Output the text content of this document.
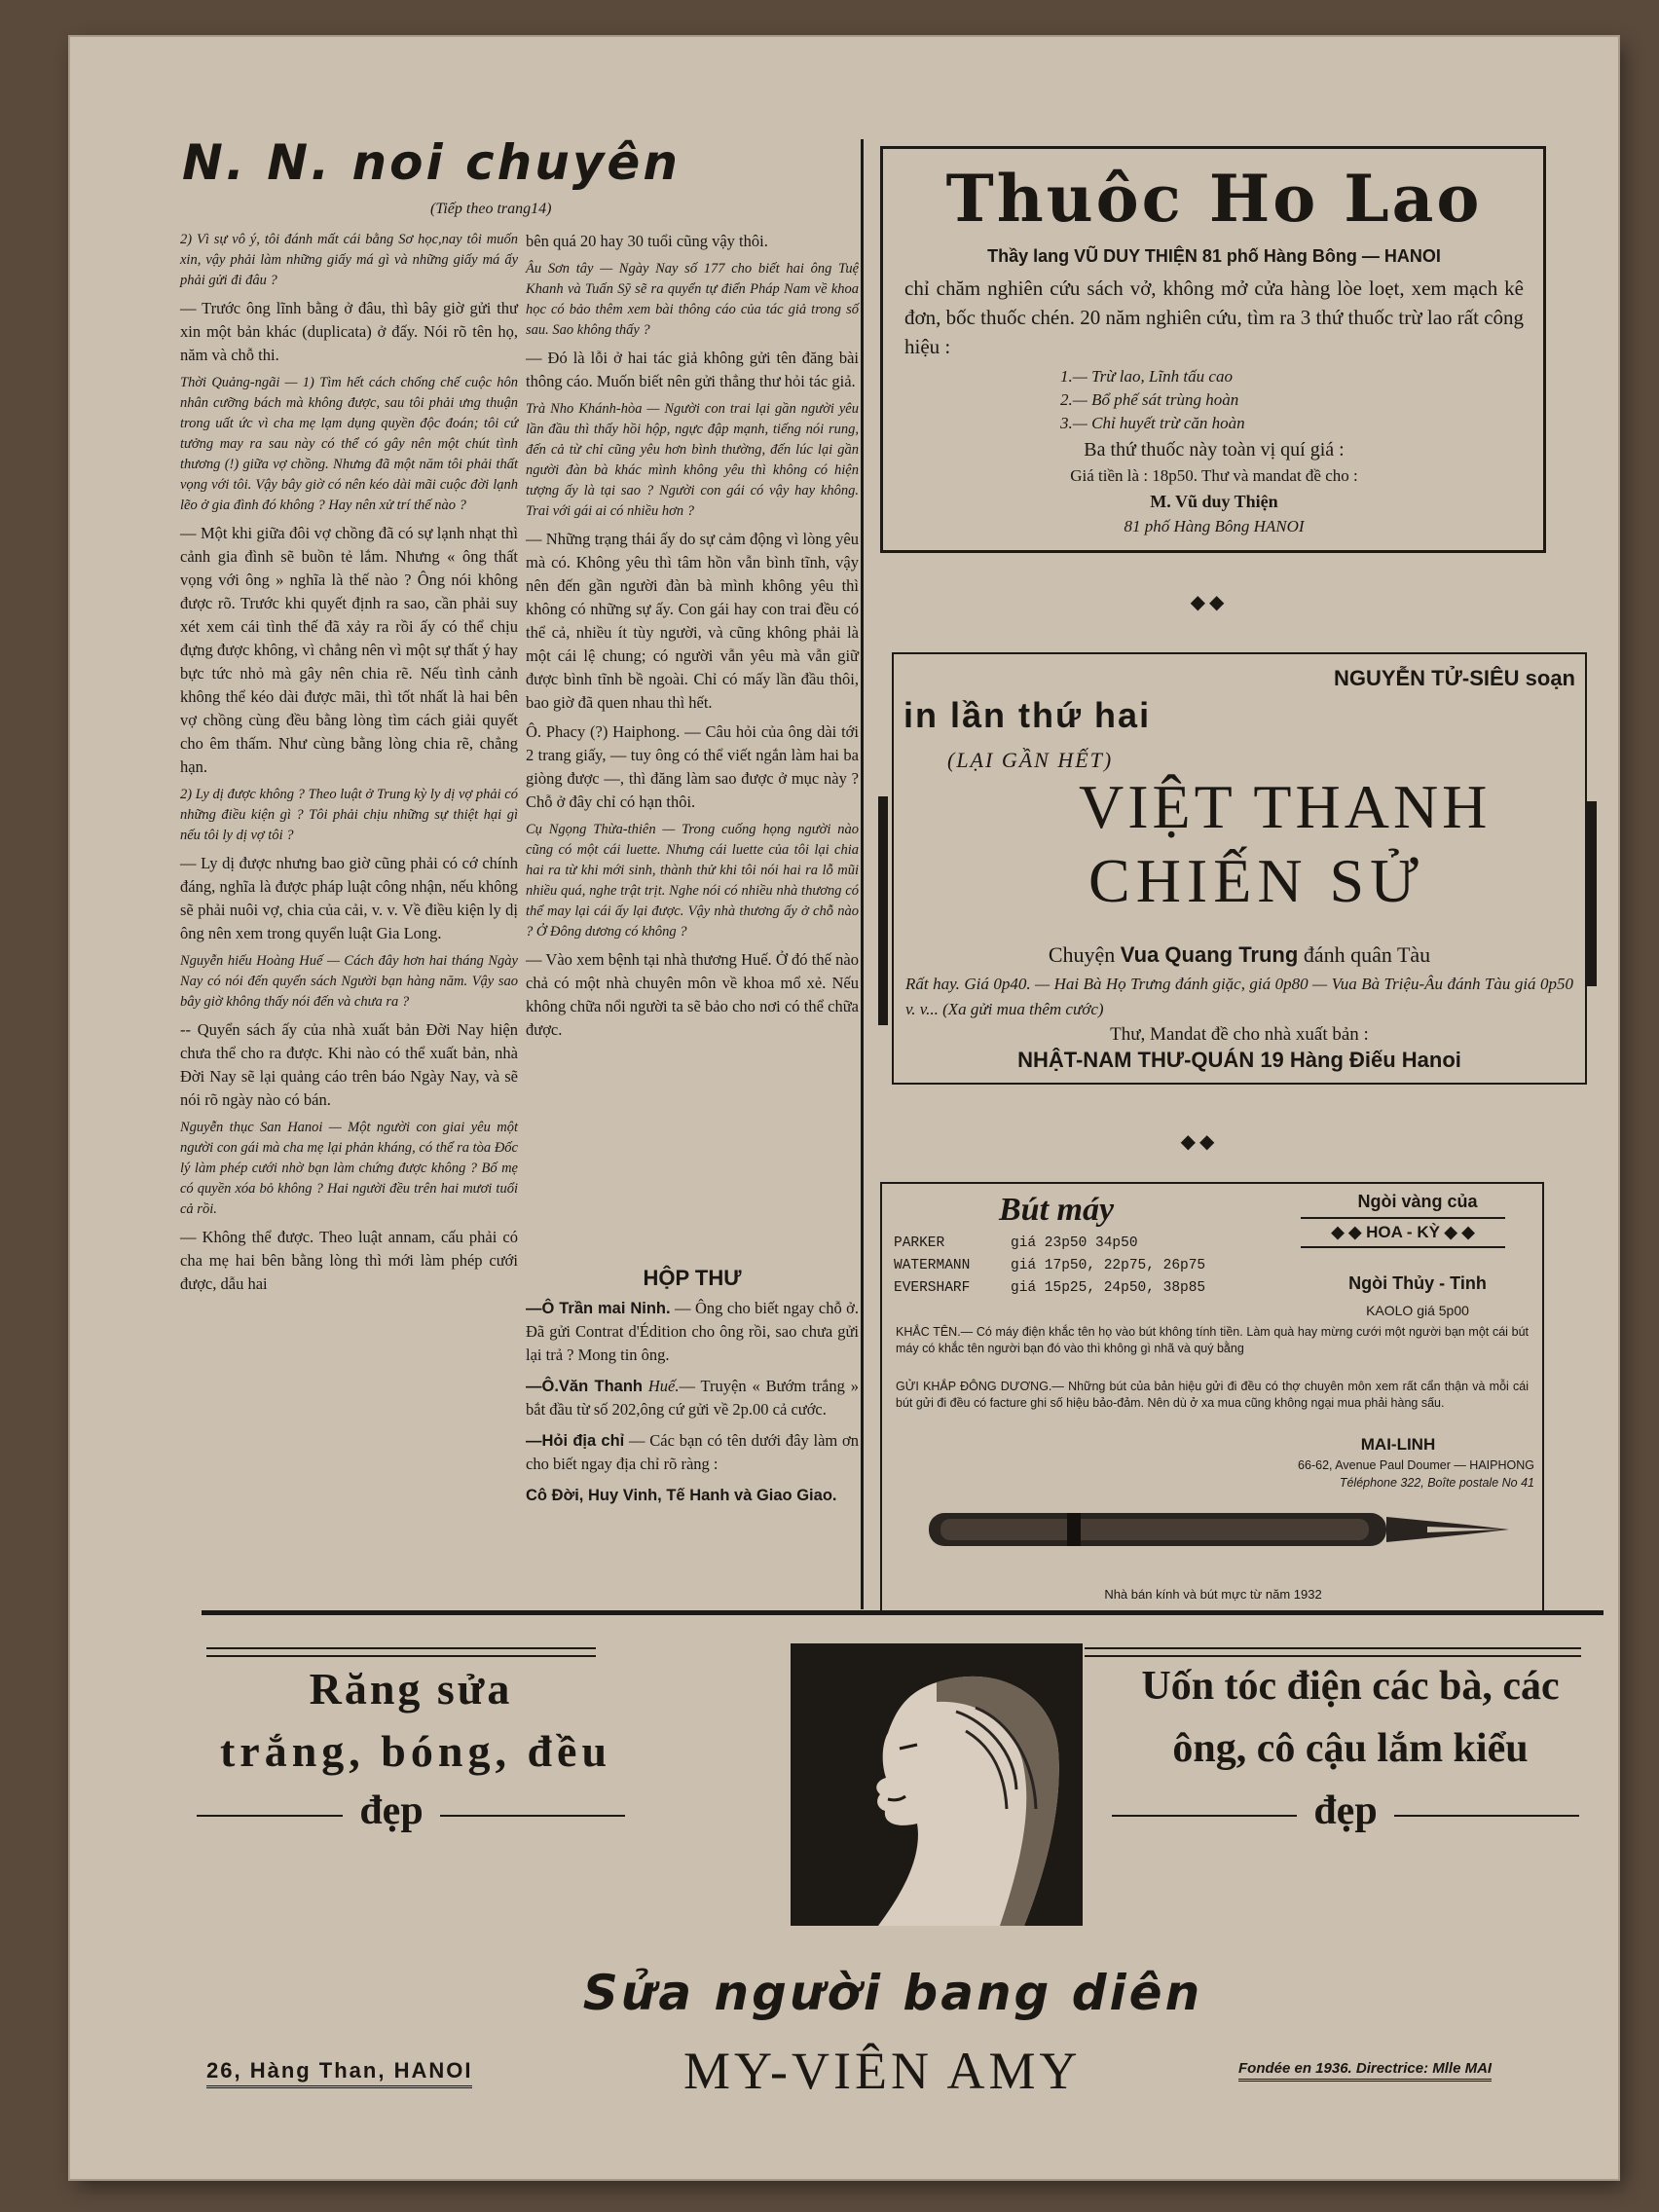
N. N. noi chuyên
(Tiếp theo trang14)

2) Vì sự vô ý, tôi đánh mất cái bằng Sơ học,nay tôi muốn xin, vậy phải làm những giấy má gì và những giấy má ấy phải gửi đi đâu ?

— Trước ông lĩnh bằng ở đâu, thì bây giờ gửi thư xin một bản khác (duplicata) ở đấy. Nói rõ tên họ, năm và chỗ thi.

Thời Quảng-ngãi — 1) Tìm hết cách chống chế cuộc hôn nhân cưỡng bách mà không được, sau tôi phải ưng thuận trong uất ức vì cha mẹ lạm dụng quyền độc đoán; tôi cứ tưởng may ra sau này có thể có gây nên một chút tình thương (!) giữa vợ chồng. Nhưng đã một năm tôi phải thất vọng với tôi. Vậy bây giờ có nên kéo dài mãi cuộc đời lạnh lẽo ở gia đình đó không ? Hay nên xử trí thế nào ?

— Một khi giữa đôi vợ chồng đã có sự lạnh nhạt thì cảnh gia đình sẽ buồn tẻ lắm. Nhưng « ông thất vọng với ông » nghĩa là thế nào ? Ông nói không được rõ. Trước khi quyết định ra sao, cần phải suy xét xem cái tình thế đã xảy ra rồi ấy có thể chịu đựng được không, vì chẳng nên vì một sự thất ý hay bực tức nhỏ mà gây nên chia rẽ. Nếu tình cảnh không thể kéo dài được mãi, thì tốt nhất là hai bên vợ chồng cùng đều bằng lòng tìm cách giải quyết cho êm thấm. Như cùng bằng lòng chia rẽ, chẳng hạn.

2) Ly dị được không ? Theo luật ở Trung kỳ ly dị vợ phải có những điều kiện gì ? Tôi phải chịu những sự thiệt hại gì nếu tôi ly dị vợ tôi ?

— Ly dị được nhưng bao giờ cũng phải có cớ chính đáng, nghĩa là được pháp luật công nhận, nếu không sẽ phải nuôi vợ, chia của cải, v. v. Về điều kiện ly dị ông nên xem trong quyển luật Gia Long.

Nguyễn hiếu Hoàng Huế — Cách đây hơn hai tháng Ngày Nay có nói đến quyển sách Người bạn hàng năm. Vậy sao bây giờ không thấy nói đến và chưa ra ?

-- Quyển sách ấy của nhà xuất bản Đời Nay hiện chưa thể cho ra được. Khi nào có thể xuất bản, nhà Đời Nay sẽ lại quảng cáo trên báo Ngày Nay, và sẽ nói rõ ngày nào có bán.

Nguyễn thục San Hanoi — Một người con giai yêu một người con gái mà cha mẹ lại phản kháng, có thể ra tòa Đốc lý làm phép cưới nhờ bạn làm chứng được không ? Bố mẹ có quyền xóa bỏ không ? Hai người đều trên hai mươi tuổi cả rồi.

— Không thể được. Theo luật annam, cấu phải có cha mẹ hai bên bằng lòng thì mới làm phép cưới được, dẫu hai

bên quá 20 hay 30 tuổi cũng vậy thôi.

Âu Sơn tây — Ngày Nay số 177 cho biết hai ông Tuệ Khanh và Tuấn Sỹ sẽ ra quyển tự điển Pháp Nam về khoa học có bảo thêm xem bài thông cáo của tác giả trong số sau. Sao không thấy ?

— Đó là lỗi ở hai tác giả không gửi tên đăng bài thông cáo. Muốn biết nên gửi thẳng thư hỏi tác giả.

Trà Nho Khánh-hòa — Người con trai lại gần người yêu lần đầu thì thấy hồi hộp, ngực đập mạnh, tiếng nói rung, đến cả từ chỉ cũng yêu hơn bình thường, đến lúc lại gần người đàn bà khác mình không yêu thì không có hiện tượng ấy là tại sao ? Người con gái có vậy hay không. Trai với gái ai có nhiều hơn ?

— Những trạng thái ấy do sự cảm động vì lòng yêu mà có. Không yêu thì tâm hồn vẫn bình tĩnh, vậy nên đến gần người đàn bà mình không yêu thì không có những sự ấy. Con gái hay con trai đều có thể cả, nhiều ít tùy người, và cũng không phải là một cái lệ chung; có người vẫn yêu mà vẫn giữ được bình tĩnh bề ngoài. Chỉ có mấy lần đầu thôi, bao giờ đã quen nhau thì hết.

Ô. Phacy (?) Haiphong. — Câu hỏi của ông dài tới 2 trang giấy, — tuy ông có thể viết ngắn làm hai ba giòng được —, thì đăng làm sao được ở mục này ? Chỗ ở đây chỉ có hạn thôi.

Cụ Ngọng Thừa-thiên — Trong cuống họng người nào cũng có một cái luette. Nhưng cái luette của tôi lại chia hai ra từ khi mới sinh, thành thử khi tôi nói hai ra lỗ mũi nhiều quá, nghe trật trịt. Nghe nói có nhiều nhà thương có thể may lại cái ấy lại được. Vậy nhà thương ấy ở chỗ nào ? Ở Đông dương có không ?

— Vào xem bệnh tại nhà thương Huế. Ở đó thế nào chả có một nhà chuyên môn về khoa mổ xẻ. Nếu không chữa nổi người ta sẽ bảo cho nơi có thể chữa được.

HỘP THƯ

—Ô Trần mai Ninh. — Ông cho biết ngay chỗ ở. Đã gửi Contrat d'Édition cho ông rồi, sao chưa gửi lại trả ? Mong tin ông.

—Ô.Văn Thanh Huế.— Truyện « Bướm trắng » bắt đầu từ số 202,ông cứ gửi về 2p.00 cả cước.

—Hỏi địa chỉ — Các bạn có tên dưới đây làm ơn cho biết ngay địa chỉ rõ ràng :

Cô Đời, Huy Vinh, Tế Hanh và Giao Giao.

Thuôc Ho Lao
Thầy lang VŨ DUY THIỆN 81 phố Hàng Bông — HANOI
chỉ chăm nghiên cứu sách vở, không mở cửa hàng lòe loẹt, xem mạch kê đơn, bốc thuốc chén. 20 năm nghiên cứu, tìm ra 3 thứ thuốc trừ lao rất công hiệu :
1.— Trừ lao, Lĩnh tấu cao
2.— Bổ phế sát trùng hoàn
3.— Chỉ huyết trừ căn hoàn
Ba thứ thuốc này toàn vị quí giá :
Giá tiền là : 18p50. Thư và mandat đề cho :
M. Vũ duy Thiện
81 phố Hàng Bông HANOI
◆◆
NGUYỄN TỬ-SIÊU soạn
in lần thứ hai
(LẠI GẦN HẾT)
VIỆT THANH
CHIẾN SỬ
Chuyện Vua Quang Trung đánh quân Tàu
Rất hay. Giá 0p40. — Hai Bà Họ Trưng đánh giặc, giá 0p80 — Vua Bà Triệu-Âu đánh Tàu giá 0p50 v. v... (Xa gửi mua thêm cước)
Thư, Mandat đề cho nhà xuất bản :
NHẬT-NAM THƯ-QUÁN 19 Hàng Điếu Hanoi
◆◆
Bút máy
PARKER	giá 23p50 34p50
WATERMANN	giá 17p50, 22p75, 26p75
EVERSHARF	giá 15p25, 24p50, 38p85
Ngòi vàng của
◆ ◆ HOA - KỲ ◆ ◆
Ngòi Thủy - Tinh
KAOLO giá 5p00
KHẮC TÊN.— Có máy điện khắc tên họ vào bút không tính tiền. Làm quà hay mừng cưới một người bạn một cái bút máy có khắc tên người bạn đó vào thì không gì nhã và quý bằng
GỬI KHẮP ĐÔNG DƯƠNG.— Những bút của bản hiệu gửi đi đều có thợ chuyên môn xem rất cẩn thận và mỗi cái bút gửi đi đều có facture ghi số hiệu bảo-đảm. Nên dù ở xa mua cũng không ngại mua phải hàng sấu.
MAI-LINH
66-62, Avenue Paul Doumer — HAIPHONG
Téléphone 322, Boîte postale No 41
Nhà bán kính và bút mực từ năm 1932
Răng sửa
trắng, bóng, đều
đẹp
Uốn tóc điện các bà, các
ông, cô cậu lắm kiểu
đẹp
Sửa người bang diên
26, Hàng Than, HANOI	MY-VIÊN AMY	Fondée en 1936. Directrice: Mlle MAI
